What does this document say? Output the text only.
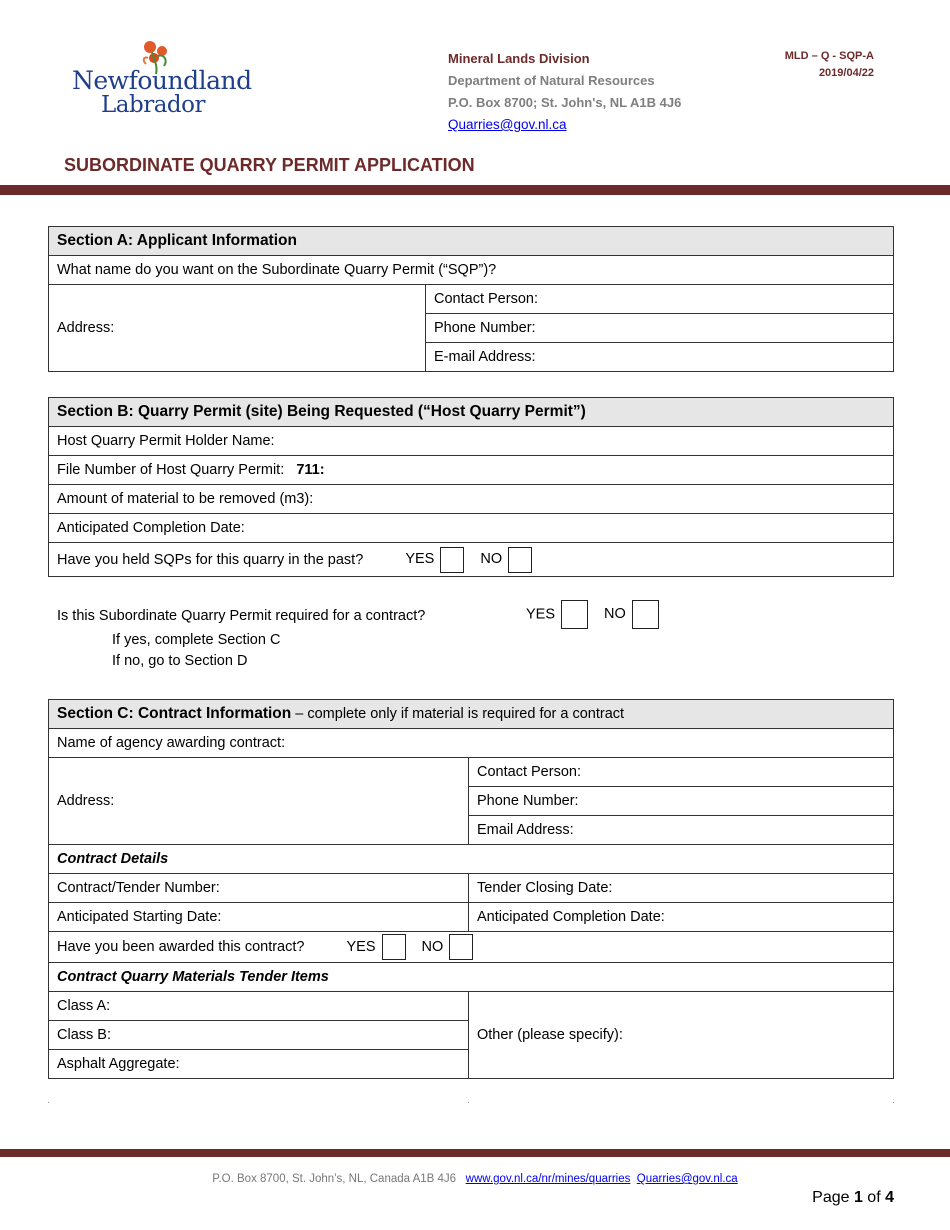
Newfoundland
Labrador
Mineral Lands Division
Department of Natural Resources
P.O. Box 8700; St. John's, NL A1B 4J6
Quarries@gov.nl.ca
MLD – Q - SQP-A
2019/04/22
SUBORDINATE QUARRY PERMIT APPLICATION
Section A: Applicant Information
What name do you want on the Subordinate Quarry Permit (“SQP”)?
Address:	Contact Person:
Phone Number:
E-mail Address:
Section B: Quarry Permit (site) Being Requested (“Host Quarry Permit”)
Host Quarry Permit Holder Name:
File Number of Host Quarry Permit: 711:
Amount of material to be removed (m3):
Anticipated Completion Date:
Have you held SQPs for this quarry in the past?	YES	NO
Is this Subordinate Quarry Permit required for a contract?	YES	NO
If yes, complete Section C
If no, go to Section D
Section C: Contract Information – complete only if material is required for a contract	
Name of agency awarding contract:	
Address:	Contact Person:
	Phone Number:
	Email Address:
Contract Details	
Contract/Tender Number:	Tender Closing Date:
Anticipated Starting Date:	Anticipated Completion Date:
Have you been awarded this contract? YES NO	
Contract Quarry Materials Tender Items	
Class A:	Other (please specify):
Class B:	
Asphalt Aggregate:	
P.O. Box 8700, St. John’s, NL, Canada A1B 4J6 www.gov.nl.ca/nr/mines/quarries Quarries@gov.nl.ca
Page 1 of 4
